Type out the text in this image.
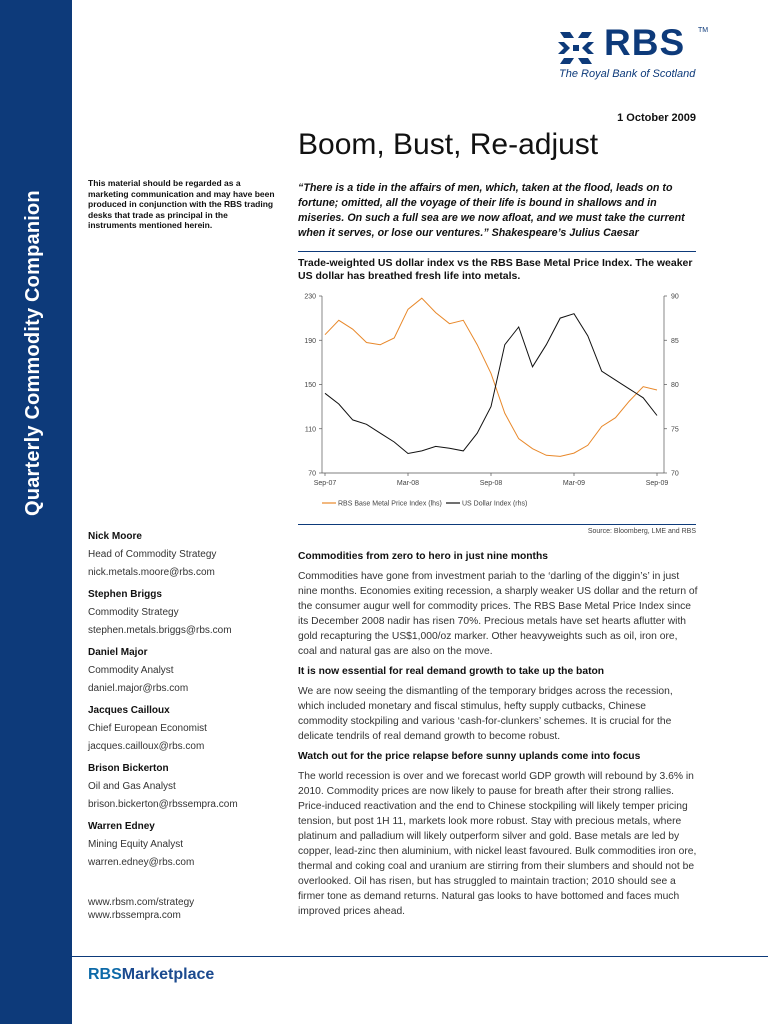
Quarterly Commodity Companion
RBS TM
The Royal Bank of Scotland
1 October 2009
Boom, Bust, Re-adjust
This material should be regarded as a marketing communication and may have been produced in conjunction with the RBS trading desks that trade as principal in the instruments mentioned herein.
“There is a tide in the affairs of men, which, taken at the flood, leads on to fortune; omitted, all the voyage of their life is bound in shallows and in miseries. On such a full sea are we now afloat, and we must take the current when it serves, or lose our ventures.” Shakespeare’s Julius Caesar
Trade-weighted US dollar index vs the RBS Base Metal Price Index. The weaker US dollar has breathed fresh life into metals.
230
190
150
110
70
90
85
80
75
70
Sep-07	Mar-08	Sep-08	Mar-09	Sep-09
RBS Base Metal Price Index (lhs)	US Dollar Index (rhs)
Source: Bloomberg, LME and RBS
Nick Moore
Head of Commodity Strategy
nick.metals.moore@rbs.com
Stephen Briggs
Commodity Strategy
stephen.metals.briggs@rbs.com
Daniel Major
Commodity Analyst
daniel.major@rbs.com
Jacques Cailloux
Chief European Economist
jacques.cailloux@rbs.com
Brison Bickerton
Oil and Gas Analyst
brison.bickerton@rbssempra.com
Warren Edney
Mining Equity Analyst
warren.edney@rbs.com
www.rbsm.com/strategy
www.rbssempra.com
Commodities from zero to hero in just nine months
Commodities have gone from investment pariah to the ‘darling of the diggin’s’ in just nine months. Economies exiting recession, a sharply weaker US dollar and the return of the consumer augur well for commodity prices. The RBS Base Metal Price Index since its December 2008 nadir has risen 70%. Precious metals have set hearts aflutter with gold recapturing the US$1,000/oz marker. Other heavyweights such as oil, iron ore, coal and natural gas are also on the move.
It is now essential for real demand growth to take up the baton
We are now seeing the dismantling of the temporary bridges across the recession, which included monetary and fiscal stimulus, hefty supply cutbacks, Chinese commodity stockpiling and various ‘cash-for-clunkers’ schemes. It is crucial for the delicate tendrils of real demand growth to become robust.
Watch out for the price relapse before sunny uplands come into focus
The world recession is over and we forecast world GDP growth will rebound by 3.6% in 2010. Commodity prices are now likely to pause for breath after their strong rallies. Price-induced reactivation and the end to Chinese stockpiling will likely temper pricing tension, but post 1H 11, markets look more robust. Stay with precious metals, where platinum and palladium will likely outperform silver and gold. Base metals are led by copper, lead-zinc then aluminium, with nickel least favoured. Bulk commodities iron ore, thermal and coking coal and uranium are stirring from their slumbers and should not be overlooked. Oil has risen, but has struggled to maintain traction; 2010 should see a firmer tone as demand returns. Natural gas looks to have bottomed and faces much improved prices ahead.
RBSMarketplace
